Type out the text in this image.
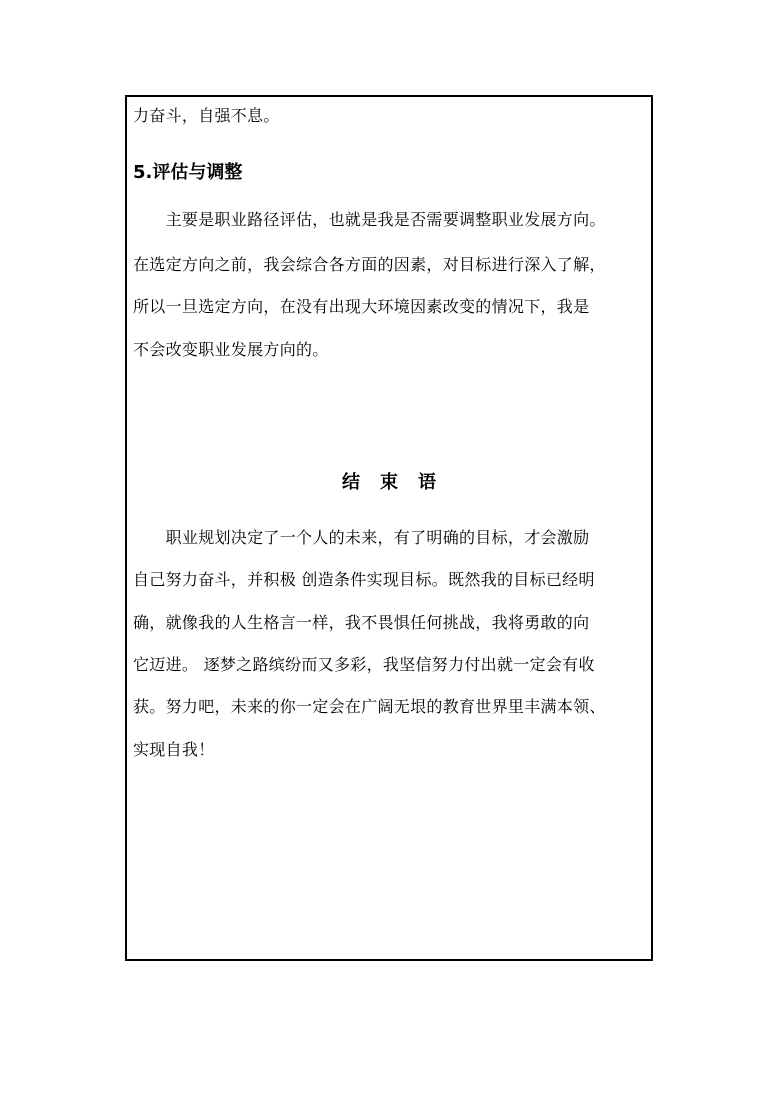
力奋斗，自强不息。
5.评估与调整
　　主要是职业路径评估，也就是我是否需要调整职业发展方向。
在选定方向之前，我会综合各方面的因素，对目标进行深入了解，
所以一旦选定方向，在没有出现大环境因素改变的情况下，我是
不会改变职业发展方向的。
结束语
　　职业规划决定了一个人的未来，有了明确的目标，才会激励
自己努力奋斗，并积极 创造条件实现目标。既然我的目标已经明
确，就像我的人生格言一样，我不畏惧任何挑战，我将勇敢的向
它迈进。 逐梦之路缤纷而又多彩，我坚信努力付出就一定会有收
获。努力吧，未来的你一定会在广阔无垠的教育世界里丰满本领、
实现自我！
